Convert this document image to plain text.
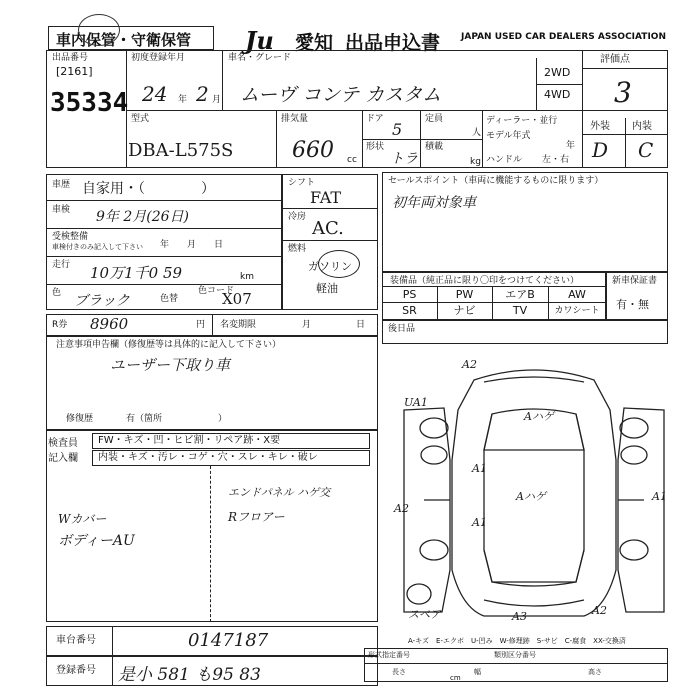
車内保管・守衛保管 Ju 愛知 出品申込書 JAPAN USED CAR DEALERS ASSOCIATION
出品番号
[2161]
35334
初度登録年月
24 年 2 月
車名・グレード
ムーヴ コンテ カスタム
2WD
4WD
評価点
3
型式
DBA-L575S
排気量
660 cc
ドア
5
形状
トラ
定員
人
積載
kg
ディーラー・並行
モデル年式
年
ハンドル 左・右
外装 内装
D C
車歴 自家用・（　　　　）
車検 9年 2月(26日)
受検整備
車検付きのみ記入して下さい 年　　月　　日
走行 10万1千0 59	km
色 ブラック	色替
色コード
X07
シフト
FAT
冷房
AC.
燃料
ガソリン
軽油
セールスポイント（車両に機能するものに限ります）
初年両対象車
装備品（純正品に限り〇印をつけてください）
PS	PW	エアB	AW
SR	ナビ	TV	カワシート
新車保証書
有・無
R券 8960	円 名変期限	月	日
注意事項申告欄（修復歴等は具体的に記入して下さい）
ユーザー下取り車
修復歴	有（箇所	）
後日品
検査員記入欄
FW・キズ・凹・ヒビ割・リペア跡・X要
内装・キズ・汚レ・コゲ・穴・スレ・キレ・破レ
エンドパネル ハゲ交
Rフロアー
Wカバー
ボディーAU
A2
UA1
Aハゲ
A1
Aハゲ	A1
A2
A1
スペア	A3	A2
A-キズ　E-エクボ　U-凹み　W-修理跡　S-サビ　C-腐食　XX-交換済
車台番号	0147187
登録番号 是小 581 も95 83
形式指定番号	類別区分番号
長さ
cm
幅	高さ
